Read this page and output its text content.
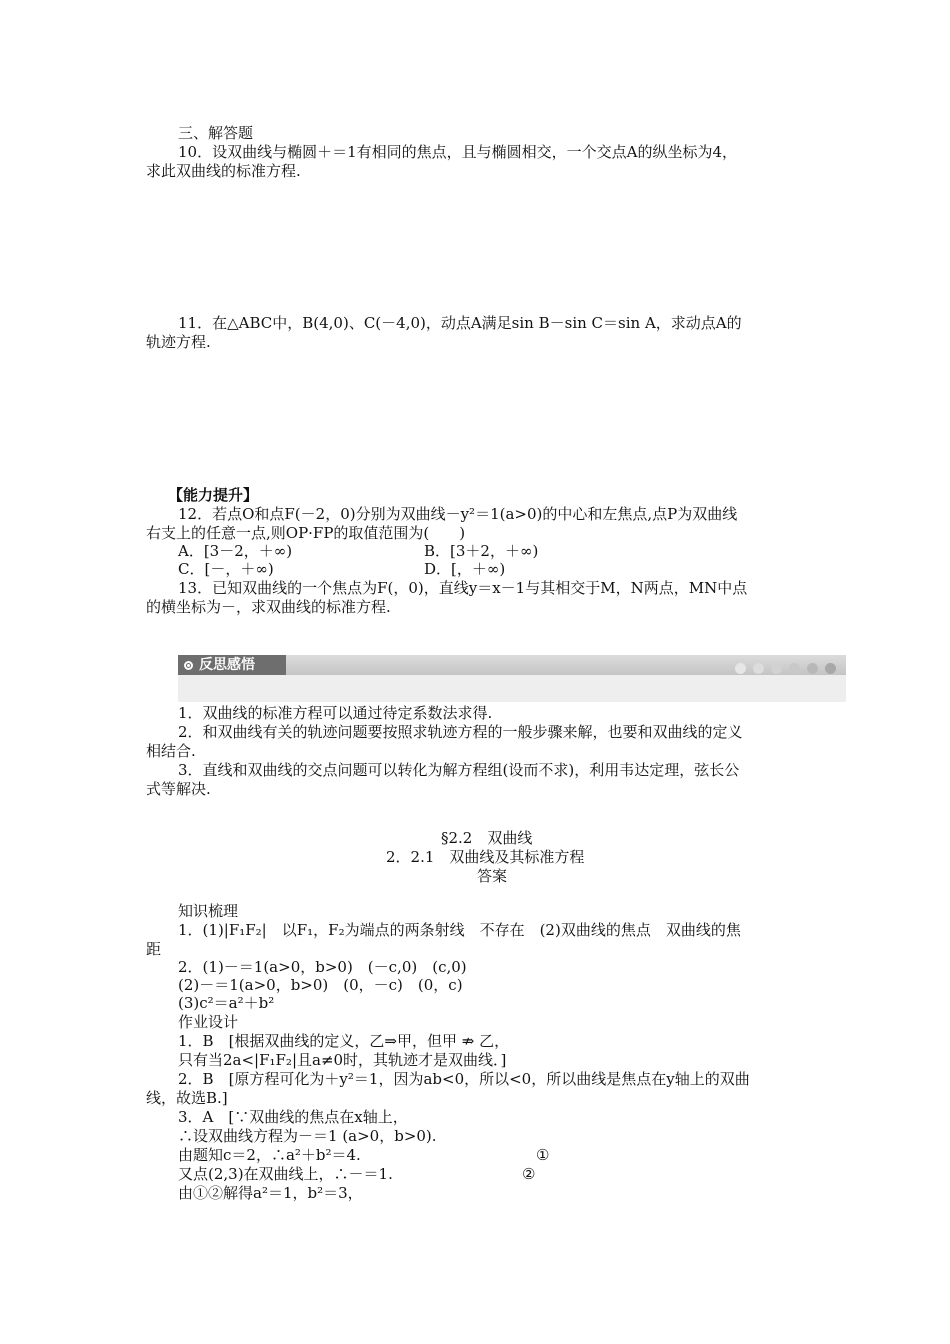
三、解答题
10．设双曲线与椭圆＋＝1有相同的焦点，且与椭圆相交，一个交点A的纵坐标为4，
求此双曲线的标准方程.
11．在△ABC中，B(4,0)、C(－4,0)，动点A满足sin B－sin C＝sin A，求动点A的
轨迹方程.
【能力提升】
12．若点O和点F(－2，0)分别为双曲线－y²＝1(a>0)的中心和左焦点,点P为双曲线
右支上的任意一点,则OP·FP的取值范围为(　　)
A．[3－2，＋∞)	B．[3＋2，＋∞)
C．[－，＋∞)	D．[，＋∞)
13．已知双曲线的一个焦点为F(，0)，直线y＝x－1与其相交于M，N两点，MN中点
的横坐标为－，求双曲线的标准方程.
1．双曲线的标准方程可以通过待定系数法求得.
2．和双曲线有关的轨迹问题要按照求轨迹方程的一般步骤来解，也要和双曲线的定义
相结合.
3．直线和双曲线的交点问题可以转化为解方程组(设而不求)，利用韦达定理，弦长公
式等解决.
§2.2　双曲线
2．2.1　双曲线及其标准方程
答案
知识梳理
1．(1)|F₁F₂|　以F₁，F₂为端点的两条射线　不存在　(2)双曲线的焦点　双曲线的焦
距
2．(1)－＝1(a>0，b>0)　(－c,0)　(c,0)
(2)－＝1(a>0，b>0)　(0，－c)　(0，c)
(3)c²＝a²＋b²
作业设计
1．B　[根据双曲线的定义，乙⇒甲，但甲 ⇏ 乙，
只有当2a<|F₁F₂|且a≠0时，其轨迹才是双曲线．]
2．B　[原方程可化为＋y²＝1，因为ab<0，所以<0，所以曲线是焦点在y轴上的双曲
线，故选B.]
3．A　[∵双曲线的焦点在x轴上，
∴设双曲线方程为－＝1 (a>0，b>0).
由题知c＝2，∴a²＋b²＝4.	①
又点(2,3)在双曲线上，∴－＝1.	②
由①②解得a²＝1，b²＝3，
反思感悟
